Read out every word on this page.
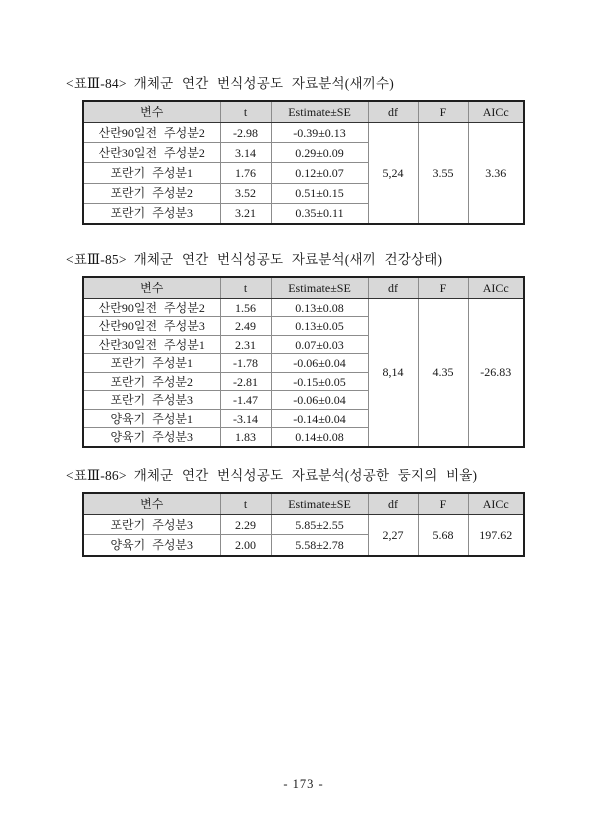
<표Ⅲ-84> 개체군 연간 번식성공도 자료분석(새끼수)

변수	t	Estimate±SE	df	F	AICc
산란90일전 주성분2	-2.98	-0.39±0.13	5,24	3.55	3.36
산란30일전 주성분2	3.14	0.29±0.09			
포란기 주성분1	1.76	0.12±0.07			
포란기 주성분2	3.52	0.51±0.15			
포란기 주성분3	3.21	0.35±0.11			

<표Ⅲ-85> 개체군 연간 번식성공도 자료분석(새끼 건강상태)

변수	t	Estimate±SE	df	F	AICc
산란90일전 주성분2	1.56	0.13±0.08	8,14	4.35	-26.83
산란90일전 주성분3	2.49	0.13±0.05			
산란30일전 주성분1	2.31	0.07±0.03			
포란기 주성분1	-1.78	-0.06±0.04			
포란기 주성분2	-2.81	-0.15±0.05			
포란기 주성분3	-1.47	-0.06±0.04			
양육기 주성분1	-3.14	-0.14±0.04			
양육기 주성분3	1.83	0.14±0.08			

<표Ⅲ-86> 개체군 연간 번식성공도 자료분석(성공한 둥지의 비율)

변수	t	Estimate±SE	df	F	AICc
포란기 주성분3	2.29	5.85±2.55	2,27	5.68	197.62
양육기 주성분3	2.00	5.58±2.78			
- 173 -
